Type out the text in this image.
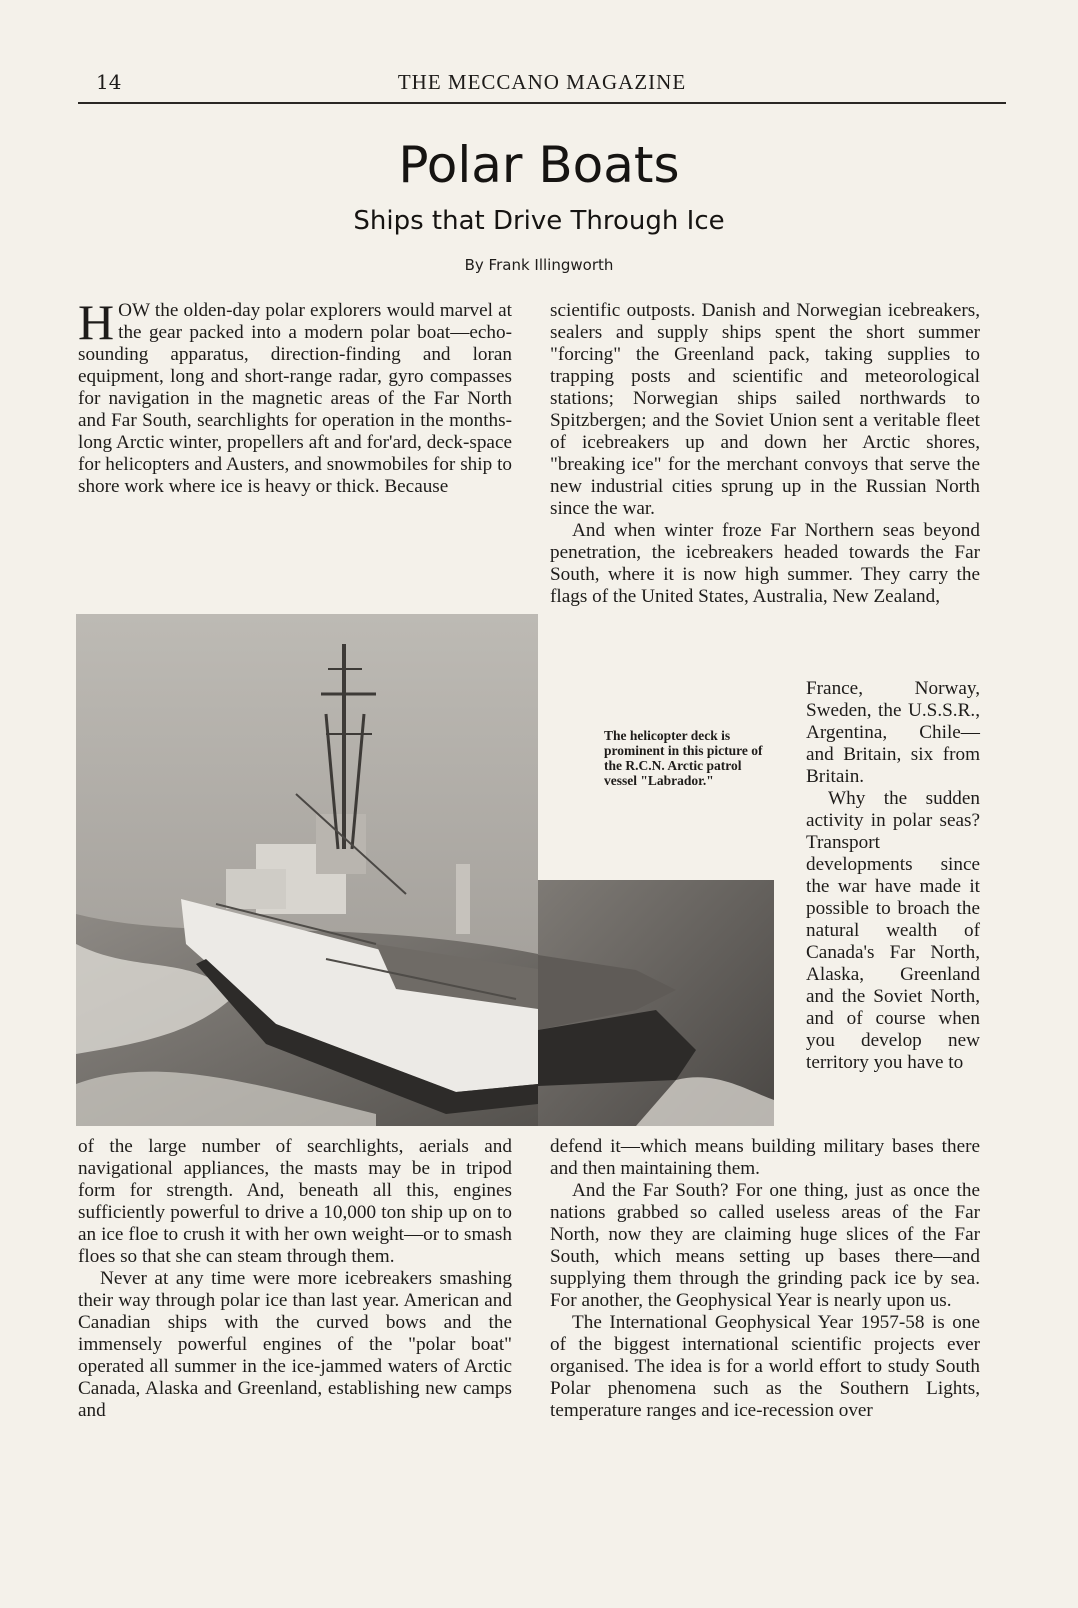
14	THE MECCANO MAGAZINE
Polar Boats
Ships that Drive Through Ice
By Frank Illingworth

HOW the olden-day polar explorers would marvel at the gear packed into a modern polar boat—echo-sounding apparatus, direction-finding and loran equipment, long and short-range radar, gyro compasses for navigation in the magnetic areas of the Far North and Far South, searchlights for operation in the months-long Arctic winter, propellers aft and for'ard, deck-space for helicopters and Austers, and snowmobiles for ship to shore work where ice is heavy or thick. Because

scientific outposts. Danish and Norwegian icebreakers, sealers and supply ships spent the short summer "forcing" the Greenland pack, taking supplies to trapping posts and scientific and meteorological stations; Norwegian ships sailed northwards to Spitzbergen; and the Soviet Union sent a veritable fleet of icebreakers up and down her Arctic shores, "breaking ice" for the merchant convoys that serve the new industrial cities sprung up in the Russian North since the war.

And when winter froze Far Northern seas beyond penetration, the icebreakers headed towards the Far South, where it is now high summer. They carry the flags of the United States, Australia, New Zealand,

The helicopter deck is prominent in this picture of the R.C.N. Arctic patrol vessel "Labrador."

France, Norway, Sweden, the U.S.S.R., Argentina, Chile—and Britain, six from Britain.

Why the sudden activity in polar seas? Transport developments since the war have made it possible to broach the natural wealth of Canada's Far North, Alaska, Greenland and the Soviet North, and of course when you develop new territory you have to

of the large number of searchlights, aerials and navigational appliances, the masts may be in tripod form for strength. And, beneath all this, engines sufficiently powerful to drive a 10,000 ton ship up on to an ice floe to crush it with her own weight—or to smash floes so that she can steam through them.

Never at any time were more icebreakers smashing their way through polar ice than last year. American and Canadian ships with the curved bows and the immensely powerful engines of the "polar boat" operated all summer in the ice-jammed waters of Arctic Canada, Alaska and Greenland, establishing new camps and

defend it—which means building military bases there and then maintaining them.

And the Far South? For one thing, just as once the nations grabbed so called useless areas of the Far North, now they are claiming huge slices of the Far South, which means setting up bases there—and supplying them through the grinding pack ice by sea. For another, the Geophysical Year is nearly upon us.

The International Geophysical Year 1957-58 is one of the biggest international scientific projects ever organised. The idea is for a world effort to study South Polar phenomena such as the Southern Lights, temperature ranges and ice-recession over
